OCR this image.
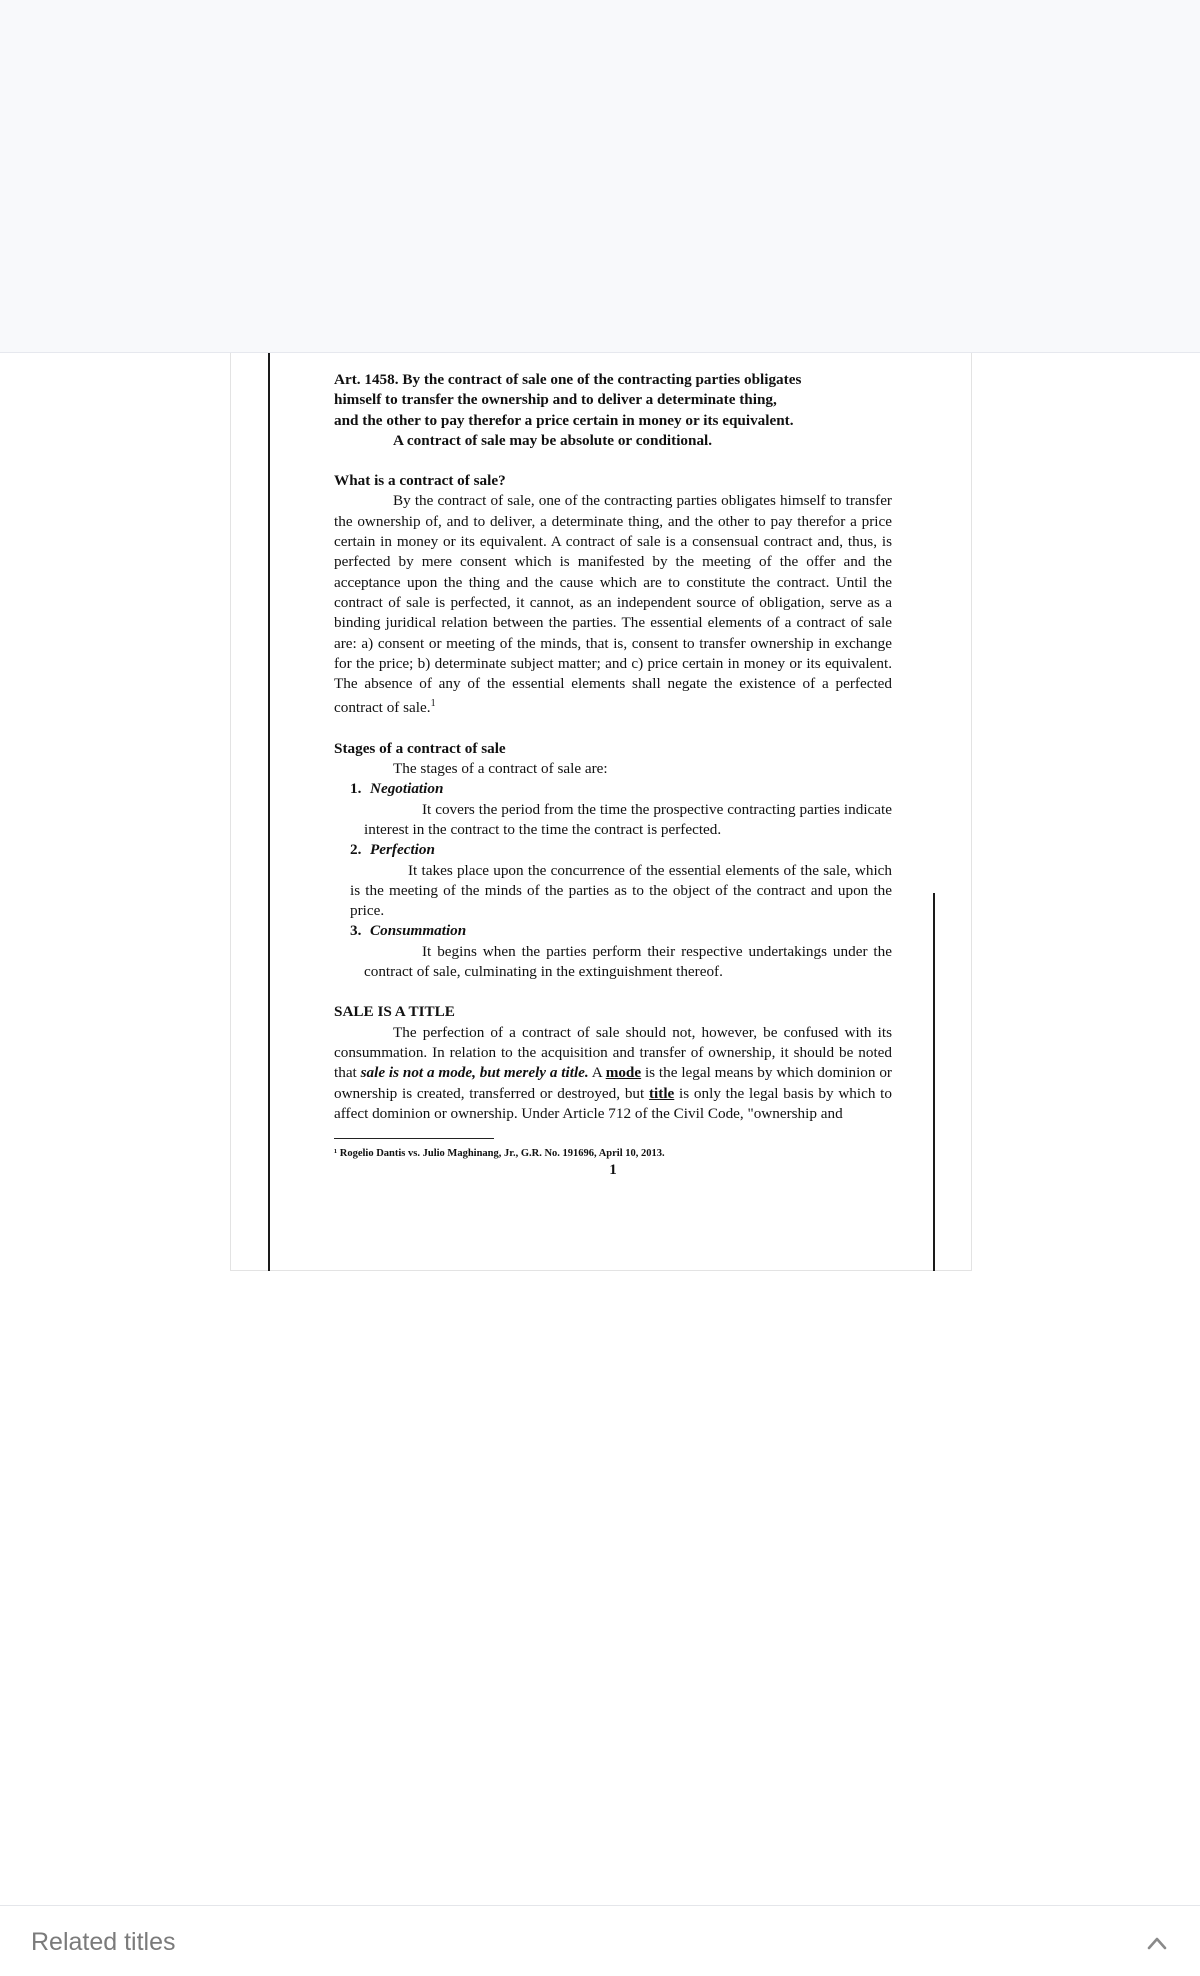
Art. 1458. By the contract of sale one of the contracting parties obligates
himself to transfer the ownership and to deliver a determinate thing,
and the other to pay therefor a price certain in money or its equivalent.
A contract of sale may be absolute or conditional.
What is a contract of sale?
By the contract of sale, one of the contracting parties obligates himself to transfer the ownership of, and to deliver, a determinate thing, and the other to pay therefor a price certain in money or its equivalent. A contract of sale is a consensual contract and, thus, is perfected by mere consent which is manifested by the meeting of the offer and the acceptance upon the thing and the cause which are to constitute the contract. Until the contract of sale is perfected, it cannot, as an independent source of obligation, serve as a binding juridical relation between the parties. The essential elements of a contract of sale are: a) consent or meeting of the minds, that is, consent to transfer ownership in exchange for the price; b) determinate subject matter; and c) price certain in money or its equivalent. The absence of any of the essential elements shall negate the existence of a perfected contract of sale.$^1$
Stages of a contract of sale
The stages of a contract of sale are:
1. Negotiation
It covers the period from the time the prospective contracting parties indicate interest in the contract to the time the contract is perfected.
2. Perfection
It takes place upon the concurrence of the essential elements of the sale, which is the meeting of the minds of the parties as to the object of the contract and upon the price.
3. Consummation
It begins when the parties perform their respective undertakings under the contract of sale, culminating in the extinguishment thereof.
SALE IS A TITLE
The perfection of a contract of sale should not, however, be confused with its consummation. In relation to the acquisition and transfer of ownership, it should be noted that sale is not a mode, but merely a title. A mode is the legal means by which dominion or ownership is created, transferred or destroyed, but title is only the legal basis by which to affect dominion or ownership. Under Article 712 of the Civil Code, "ownership and
¹ Rogelio Dantis vs. Julio Maghinang, Jr., G.R. No. 191696, April 10, 2013.
1
Related titles
